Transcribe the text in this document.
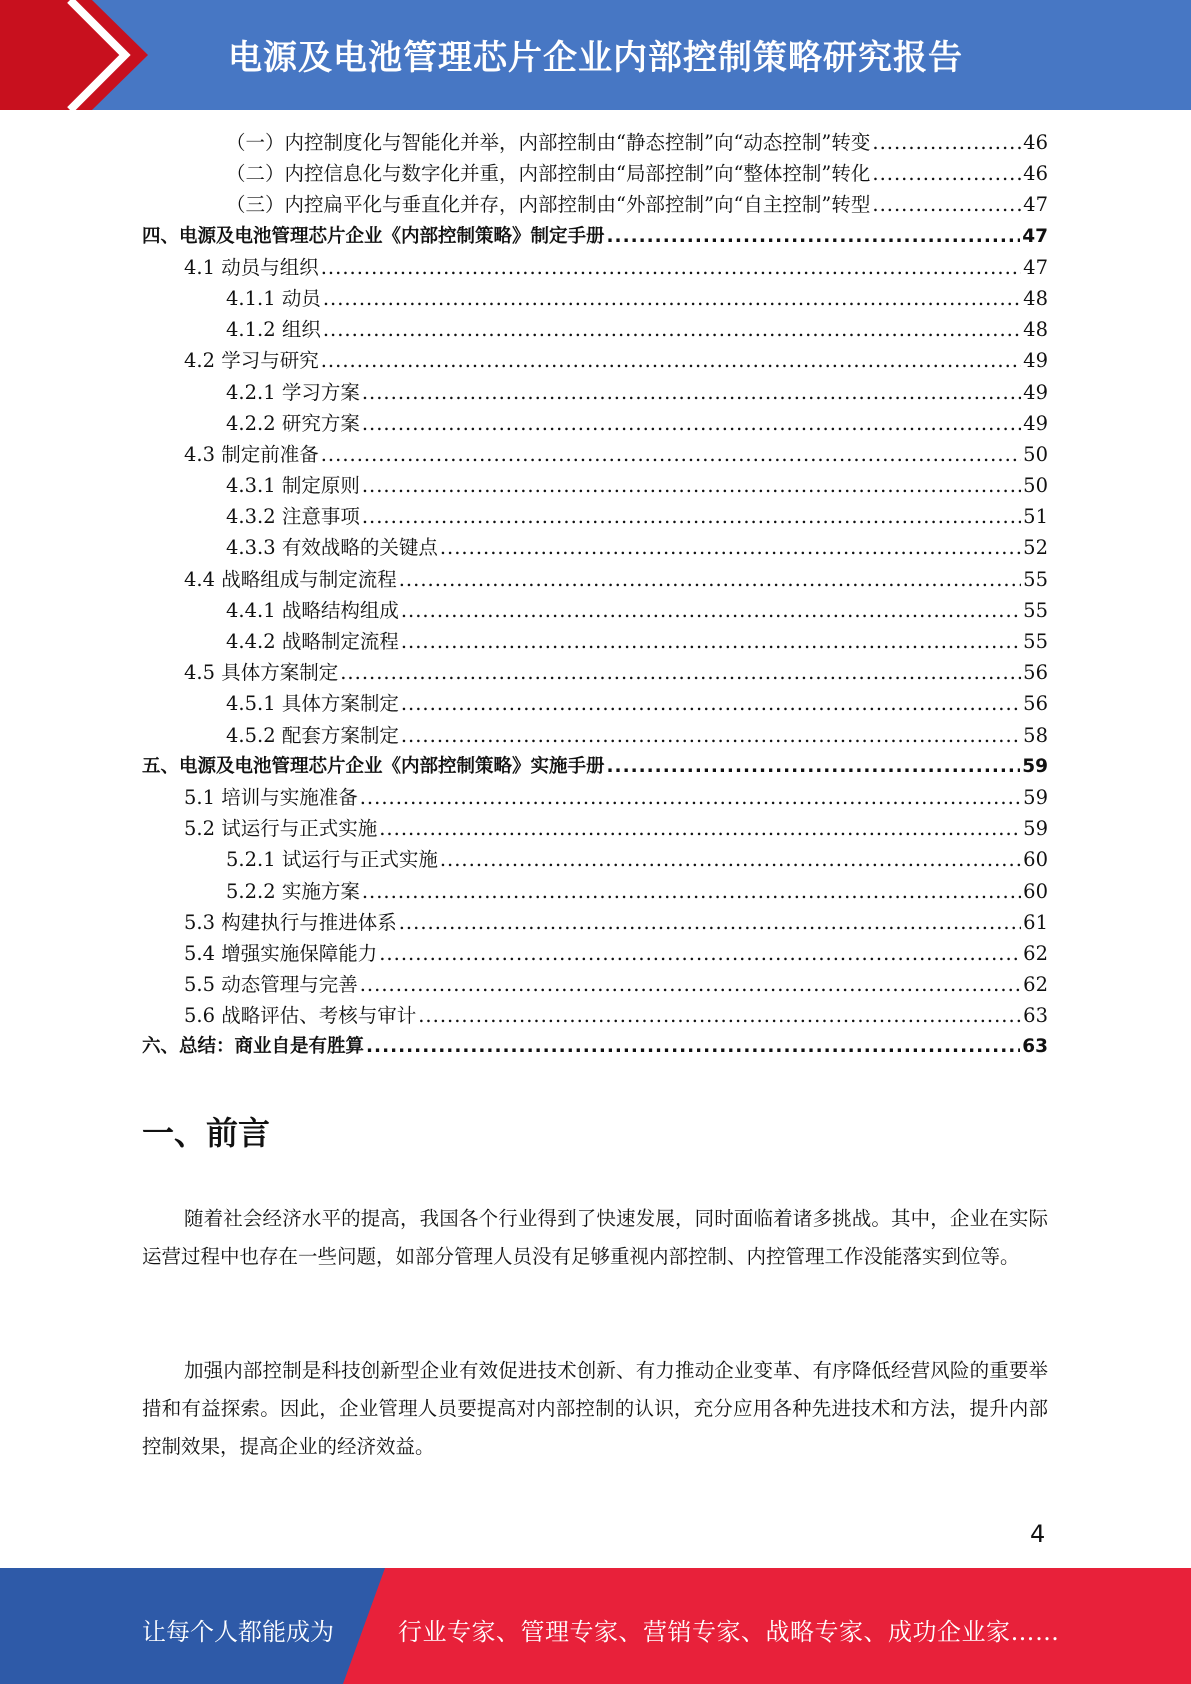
电源及电池管理芯片企业内部控制策略研究报告
（一）内控制度化与智能化并举，内部控制由“静态控制”向“动态控制”转变 .....	46
（二）内控信息化与数字化并重，内部控制由“局部控制”向“整体控制”转化 .....	46
（三）内控扁平化与垂直化并存，内部控制由“外部控制”向“自主控制”转型 .....	47
四、电源及电池管理芯片企业《内部控制策略》制定手册 .....	47
4.1 动员与组织 .....	47
4.1.1 动员 .....	48
4.1.2 组织 .....	48
4.2 学习与研究 .....	49
4.2.1 学习方案 .....	49
4.2.2 研究方案 .....	49
4.3 制定前准备 .....	50
4.3.1 制定原则 .....	50
4.3.2 注意事项 .....	51
4.3.3 有效战略的关键点 .....	52
4.4 战略组成与制定流程 .....	55
4.4.1 战略结构组成 .....	55
4.4.2 战略制定流程 .....	55
4.5 具体方案制定 .....	56
4.5.1 具体方案制定 .....	56
4.5.2 配套方案制定 .....	58
五、电源及电池管理芯片企业《内部控制策略》实施手册 .....	59
5.1 培训与实施准备 .....	59
5.2 试运行与正式实施 .....	59
5.2.1 试运行与正式实施 .....	60
5.2.2 实施方案 .....	60
5.3 构建执行与推进体系 .....	61
5.4 增强实施保障能力 .....	62
5.5 动态管理与完善 .....	62
5.6 战略评估、考核与审计 .....	63
六、总结：商业自是有胜算 .....	63
一、前言

随着社会经济水平的提高，我国各个行业得到了快速发展，同时面临着诸多挑战。其中，企业在实际运营过程中也存在一些问题，如部分管理人员没有足够重视内部控制、内控管理工作没能落实到位等。

加强内部控制是科技创新型企业有效促进技术创新、有力推动企业变革、有序降低经营风险的重要举措和有益探索。因此，企业管理人员要提高对内部控制的认识，充分应用各种先进技术和方法，提升内部控制效果，提高企业的经济效益。

4
让每个人都能成为	行业专家、管理专家、营销专家、战略专家、成功企业家……
